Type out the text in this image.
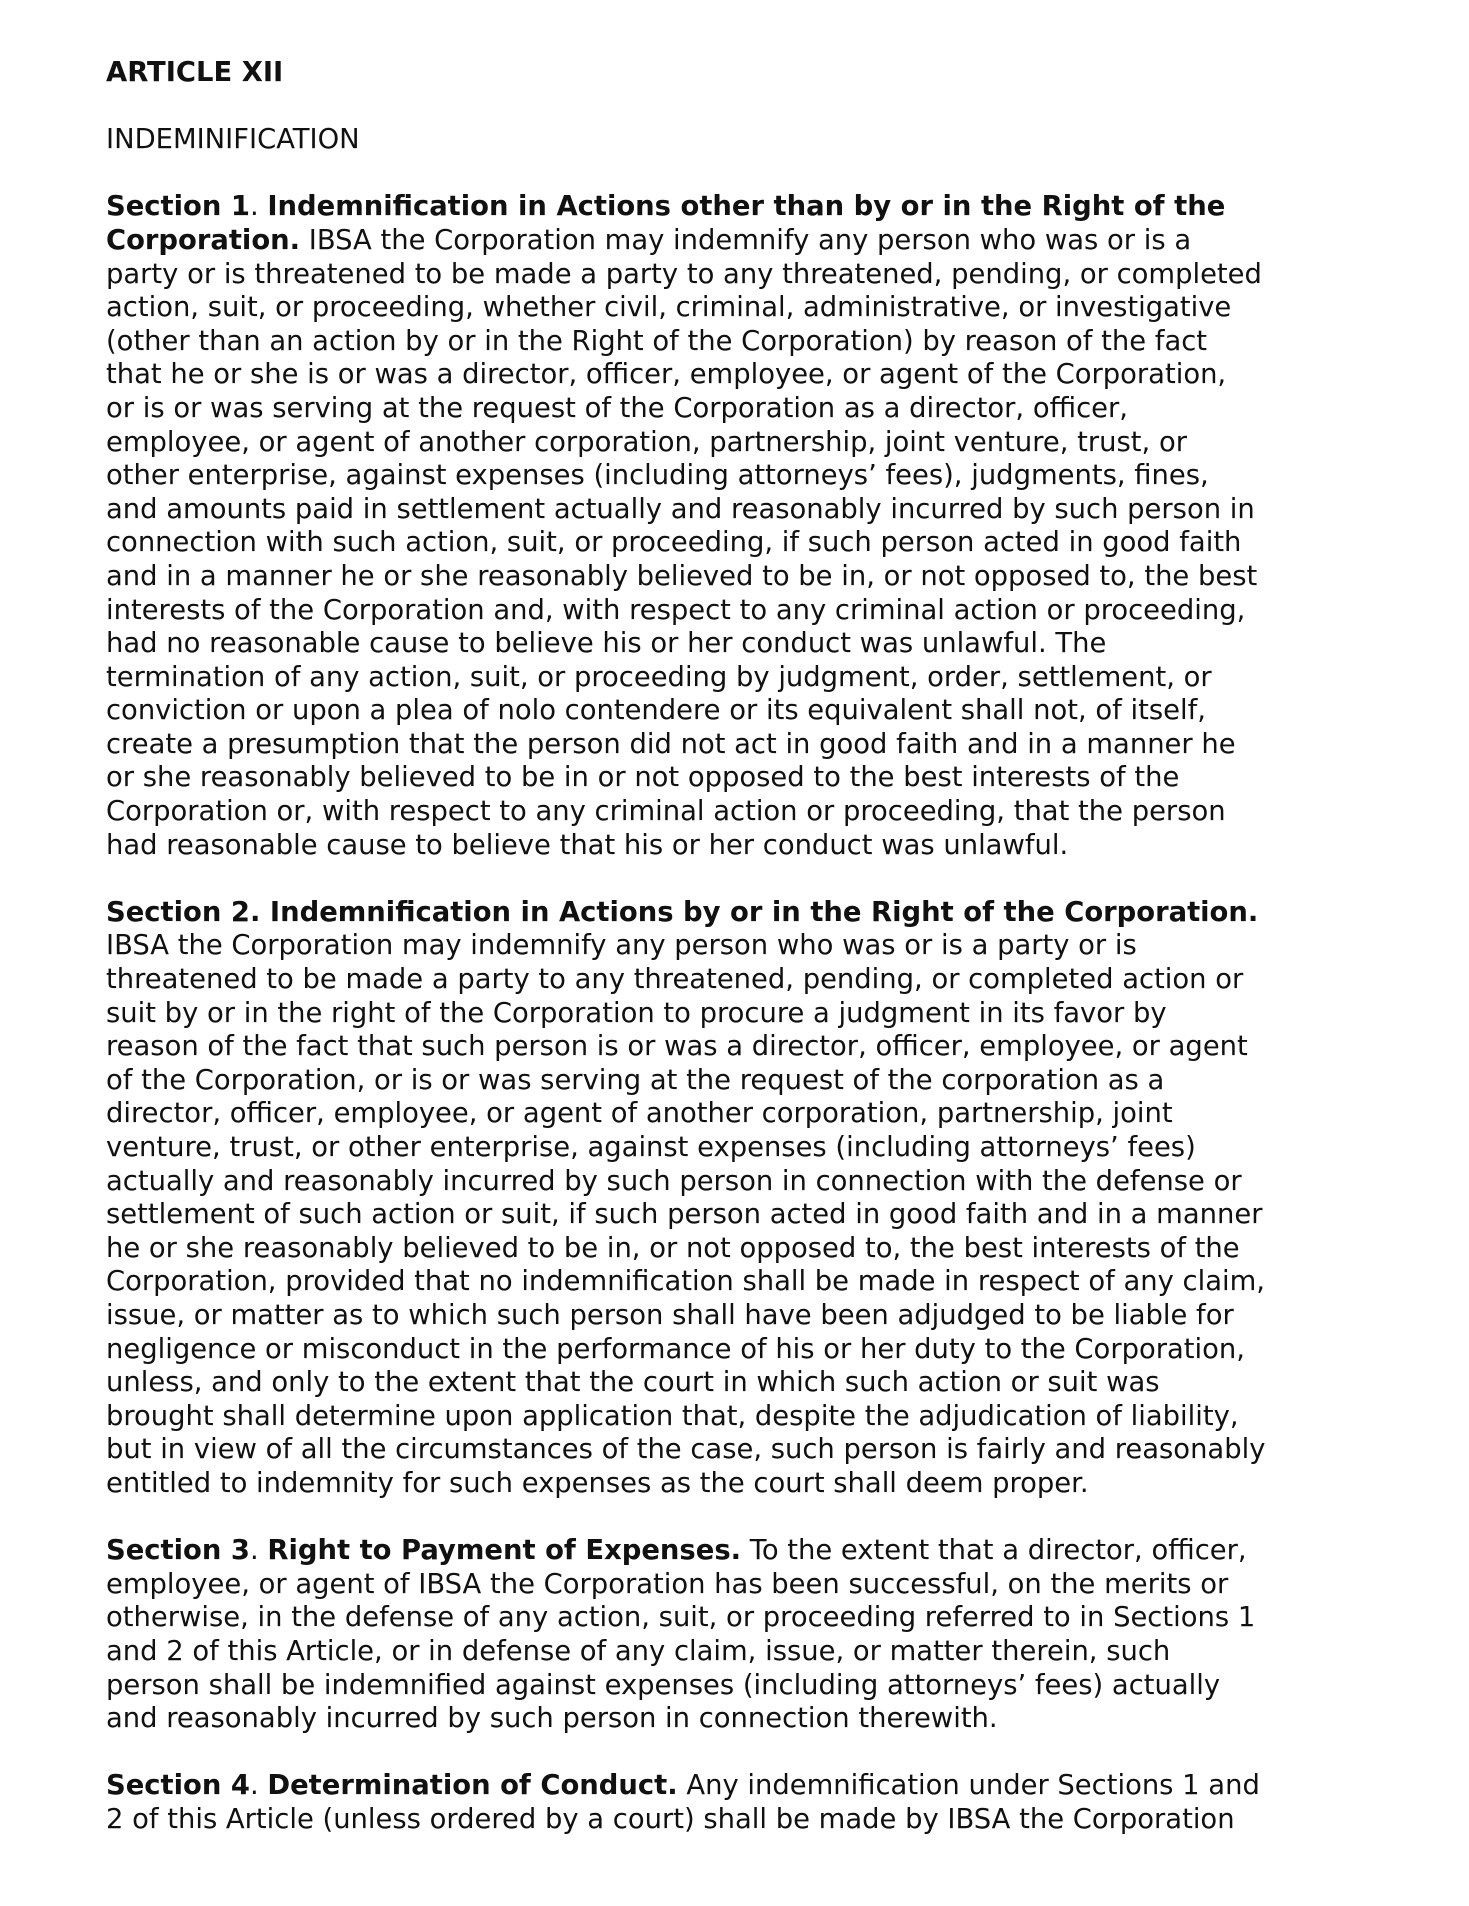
ARTICLE XII

INDEMINIFICATION

Section 1. Indemnification in Actions other than by or in the Right of the
Corporation. IBSA the Corporation may indemnify any person who was or is a
party or is threatened to be made a party to any threatened, pending, or completed
action, suit, or proceeding, whether civil, criminal, administrative, or investigative
(other than an action by or in the Right of the Corporation) by reason of the fact
that he or she is or was a director, officer, employee, or agent of the Corporation,
or is or was serving at the request of the Corporation as a director, officer,
employee, or agent of another corporation, partnership, joint venture, trust, or
other enterprise, against expenses (including attorneys’ fees), judgments, fines,
and amounts paid in settlement actually and reasonably incurred by such person in
connection with such action, suit, or proceeding, if such person acted in good faith
and in a manner he or she reasonably believed to be in, or not opposed to, the best
interests of the Corporation and, with respect to any criminal action or proceeding,
had no reasonable cause to believe his or her conduct was unlawful. The
termination of any action, suit, or proceeding by judgment, order, settlement, or
conviction or upon a plea of nolo contendere or its equivalent shall not, of itself,
create a presumption that the person did not act in good faith and in a manner he
or she reasonably believed to be in or not opposed to the best interests of the
Corporation or, with respect to any criminal action or proceeding, that the person
had reasonable cause to believe that his or her conduct was unlawful.

Section 2. Indemnification in Actions by or in the Right of the Corporation.
IBSA the Corporation may indemnify any person who was or is a party or is
threatened to be made a party to any threatened, pending, or completed action or
suit by or in the right of the Corporation to procure a judgment in its favor by
reason of the fact that such person is or was a director, officer, employee, or agent
of the Corporation, or is or was serving at the request of the corporation as a
director, officer, employee, or agent of another corporation, partnership, joint
venture, trust, or other enterprise, against expenses (including attorneys’ fees)
actually and reasonably incurred by such person in connection with the defense or
settlement of such action or suit, if such person acted in good faith and in a manner
he or she reasonably believed to be in, or not opposed to, the best interests of the
Corporation, provided that no indemnification shall be made in respect of any claim,
issue, or matter as to which such person shall have been adjudged to be liable for
negligence or misconduct in the performance of his or her duty to the Corporation,
unless, and only to the extent that the court in which such action or suit was
brought shall determine upon application that, despite the adjudication of liability,
but in view of all the circumstances of the case, such person is fairly and reasonably
entitled to indemnity for such expenses as the court shall deem proper.

Section 3. Right to Payment of Expenses. To the extent that a director, officer,
employee, or agent of IBSA the Corporation has been successful, on the merits or
otherwise, in the defense of any action, suit, or proceeding referred to in Sections 1
and 2 of this Article, or in defense of any claim, issue, or matter therein, such
person shall be indemnified against expenses (including attorneys’ fees) actually
and reasonably incurred by such person in connection therewith.

Section 4. Determination of Conduct. Any indemnification under Sections 1 and
2 of this Article (unless ordered by a court) shall be made by IBSA the Corporation
